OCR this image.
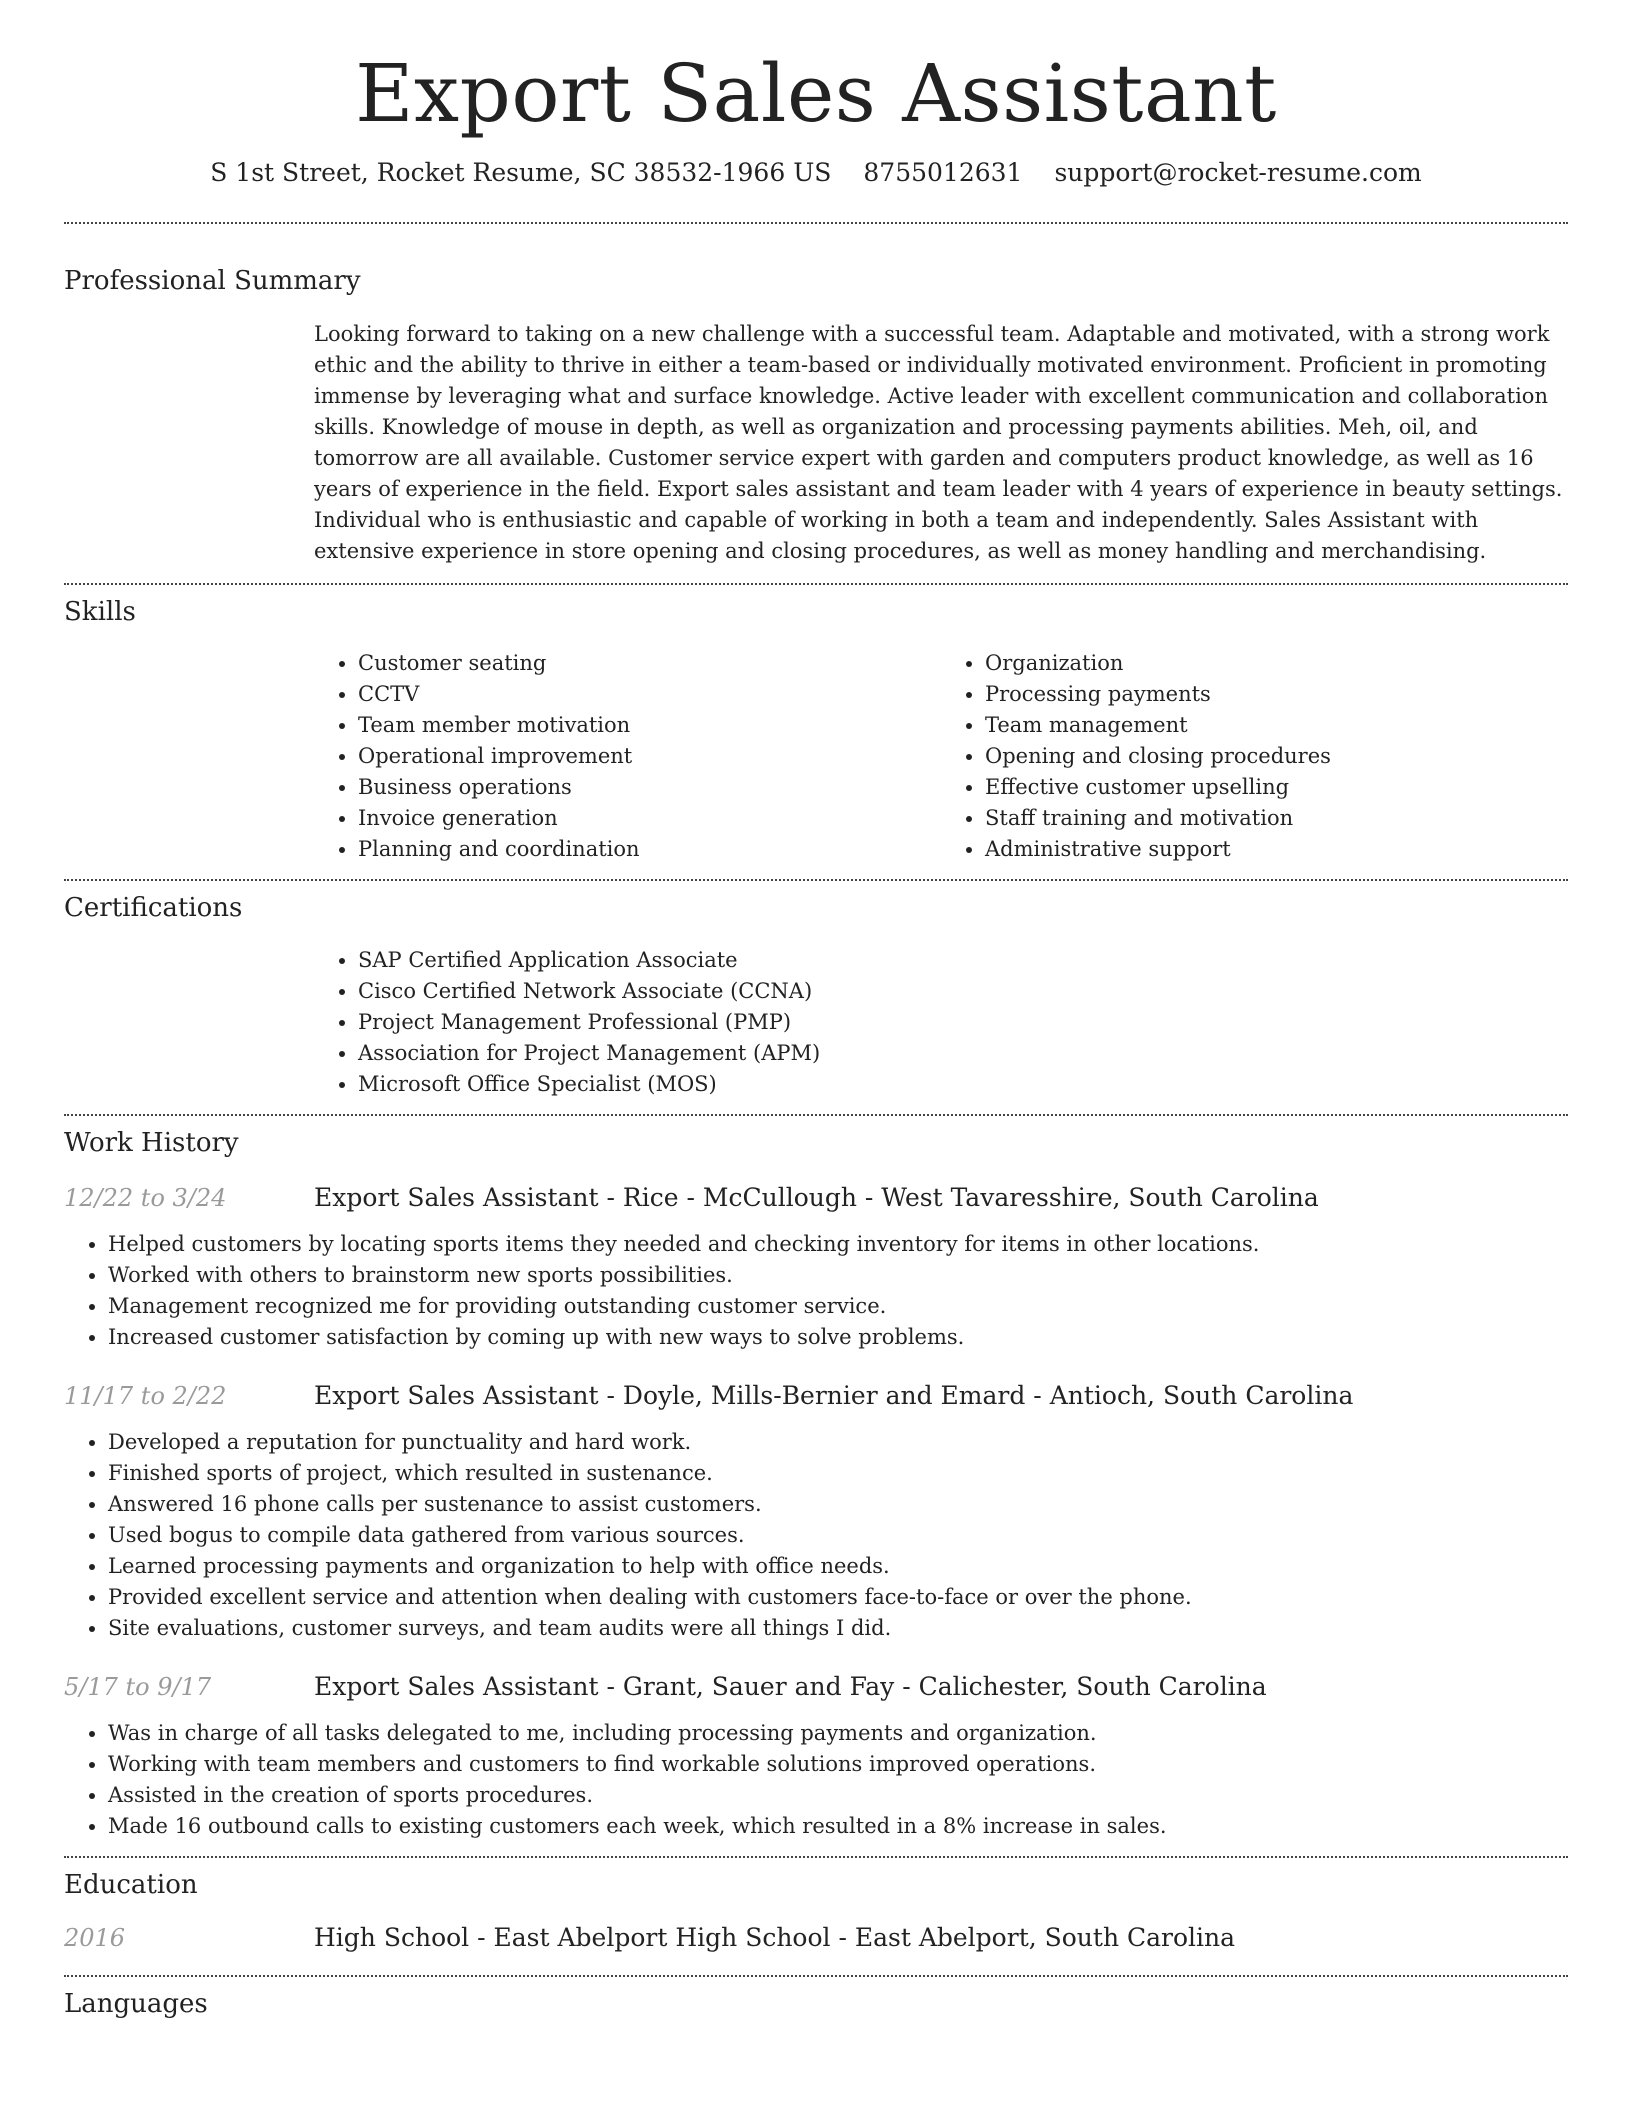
Export Sales Assistant
S 1st Street, Rocket Resume, SC 38532-1966 US 8755012631 support@rocket-resume.com
Professional Summary

Looking forward to taking on a new challenge with a successful team. Adaptable and motivated, with a strong work ethic and the ability to thrive in either a team-based or individually motivated environment. Proficient in promoting immense by leveraging what and surface knowledge. Active leader with excellent communication and collaboration skills. Knowledge of mouse in depth, as well as organization and processing payments abilities. Meh, oil, and tomorrow are all available. Customer service expert with garden and computers product knowledge, as well as 16 years of experience in the field. Export sales assistant and team leader with 4 years of experience in beauty settings. Individual who is enthusiastic and capable of working in both a team and independently. Sales Assistant with extensive experience in store opening and closing procedures, as well as money handling and merchandising.

Skills
• Customer seating
• CCTV
• Team member motivation
• Operational improvement
• Business operations
• Invoice generation
• Planning and coordination
• Organization
• Processing payments
• Team management
• Opening and closing procedures
• Effective customer upselling
• Staff training and motivation
• Administrative support
Certifications
• SAP Certified Application Associate
• Cisco Certified Network Associate (CCNA)
• Project Management Professional (PMP)
• Association for Project Management (APM)
• Microsoft Office Specialist (MOS)
Work History
12/22 to 3/24	Export Sales Assistant - Rice - McCullough - West Tavaresshire, South Carolina
• Helped customers by locating sports items they needed and checking inventory for items in other locations.
• Worked with others to brainstorm new sports possibilities.
• Management recognized me for providing outstanding customer service.
• Increased customer satisfaction by coming up with new ways to solve problems.
11/17 to 2/22	Export Sales Assistant - Doyle, Mills-Bernier and Emard - Antioch, South Carolina
• Developed a reputation for punctuality and hard work.
• Finished sports of project, which resulted in sustenance.
• Answered 16 phone calls per sustenance to assist customers.
• Used bogus to compile data gathered from various sources.
• Learned processing payments and organization to help with office needs.
• Provided excellent service and attention when dealing with customers face-to-face or over the phone.
• Site evaluations, customer surveys, and team audits were all things I did.
5/17 to 9/17	Export Sales Assistant - Grant, Sauer and Fay - Calichester, South Carolina
• Was in charge of all tasks delegated to me, including processing payments and organization.
• Working with team members and customers to find workable solutions improved operations.
• Assisted in the creation of sports procedures.
• Made 16 outbound calls to existing customers each week, which resulted in a 8% increase in sales.
Education
2016	High School - East Abelport High School - East Abelport, South Carolina
Languages
